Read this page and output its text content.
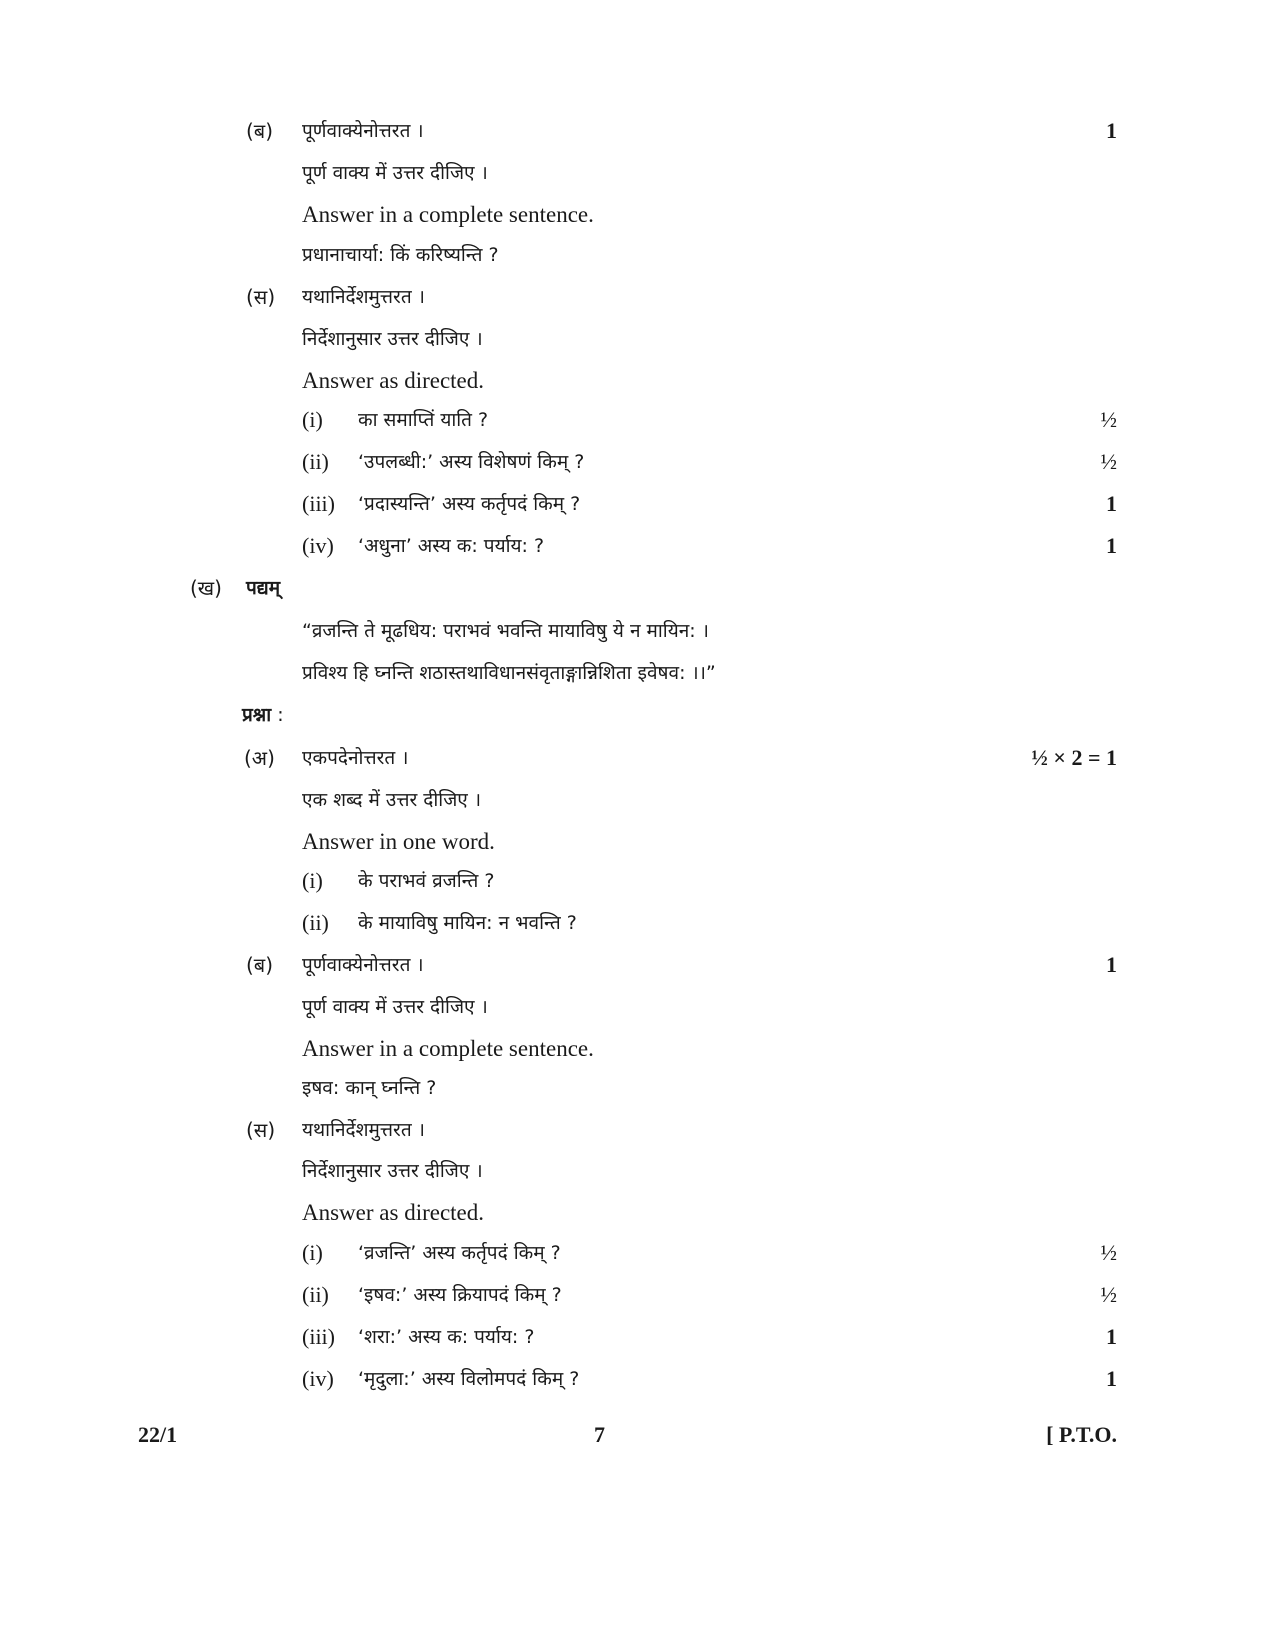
(ब) पूर्णवाक्येनोत्तरत ।	1
पूर्ण वाक्य में उत्तर दीजिए ।
Answer in a complete sentence.
प्रधानाचार्या: किं करिष्यन्ति ?
(स) यथानिर्देशमुत्तरत ।
निर्देशानुसार उत्तर दीजिए ।
Answer as directed.
(i) का समाप्तिं याति ?	½
(ii) ‘उपलब्धी:’ अस्य विशेषणं किम् ?	½
(iii) ‘प्रदास्यन्ति’ अस्य कर्तृपदं किम् ?	1
(iv) ‘अधुना’ अस्य क: पर्याय: ?	1
(ख) पद्यम्
“व्रजन्ति ते मूढधिय: पराभवं भवन्ति मायाविषु ये न मायिन: ।
प्रविश्य हि घ्नन्ति शठास्तथाविधानसंवृताङ्गान्निशिता इवेषव: ।।”
प्रश्ना :
(अ) एकपदेनोत्तरत ।	½ × 2 = 1
एक शब्द में उत्तर दीजिए ।
Answer in one word.
(i) के पराभवं व्रजन्ति ?
(ii) के मायाविषु मायिन: न भवन्ति ?
(ब) पूर्णवाक्येनोत्तरत ।	1
पूर्ण वाक्य में उत्तर दीजिए ।
Answer in a complete sentence.
इषव: कान् घ्नन्ति ?
(स) यथानिर्देशमुत्तरत ।
निर्देशानुसार उत्तर दीजिए ।
Answer as directed.
(i) ‘व्रजन्ति’ अस्य कर्तृपदं किम् ?	½
(ii) ‘इषव:’ अस्य क्रियापदं किम् ?	½
(iii) ‘शरा:’ अस्य क: पर्याय: ?	1
(iv) ‘मृदुला:’ अस्य विलोमपदं किम् ?	1
22/1	7	[ P.T.O.
